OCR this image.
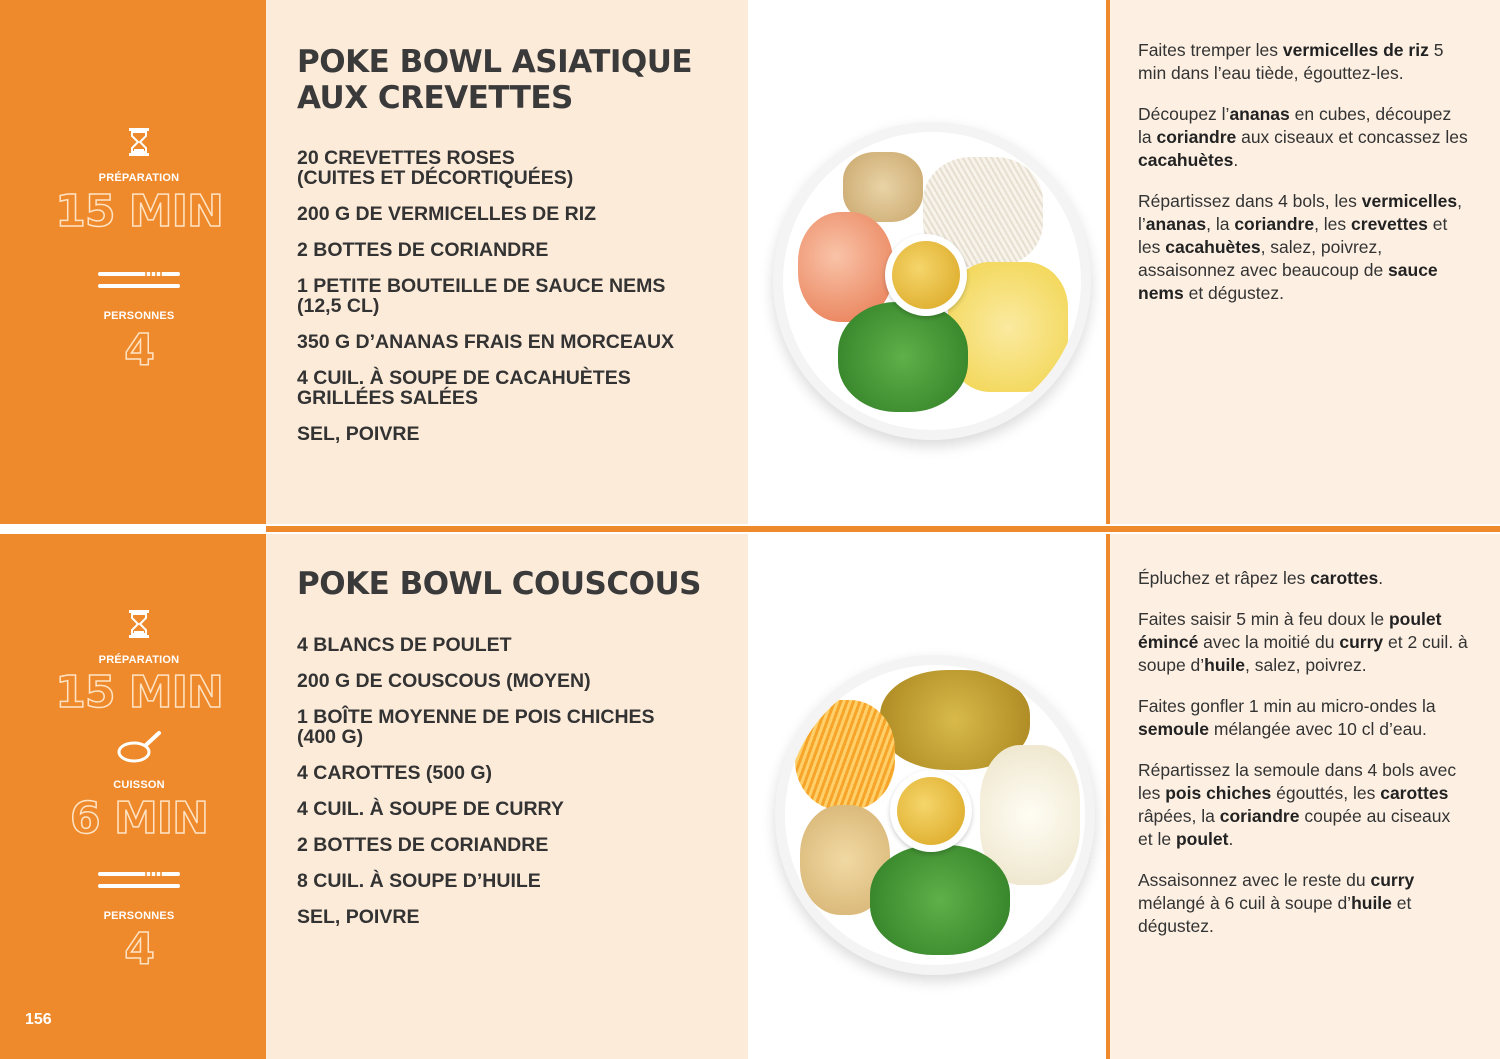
PRÉPARATION
15 MIN
PERSONNES
4
POKE BOWL ASIATIQUE
AUX CREVETTES
20 CREVETTES ROSES
(CUITES ET DÉCORTIQUÉES)
200 G DE VERMICELLES DE RIZ
2 BOTTES DE CORIANDRE
1 PETITE BOUTEILLE DE SAUCE NEMS
(12,5 CL)
350 G D’ANANAS FRAIS EN MORCEAUX
4 CUIL. À SOUPE DE CACAHUÈTES
GRILLÉES SALÉES
SEL, POIVRE

Faites tremper les vermicelles de riz 5 min dans l’eau tiède, égouttez-les.

Découpez l’ananas en cubes, découpez la coriandre aux ciseaux et concassez les cacahuètes.

Répartissez dans 4 bols, les vermicelles, l’ananas, la coriandre, les crevettes et les cacahuètes, salez, poivrez, assaisonnez avec beaucoup de sauce nems et dégustez.

PRÉPARATION
15 MIN
CUISSON
6 MIN
PERSONNES
4
156
POKE BOWL COUSCOUS
4 BLANCS DE POULET
200 G DE COUSCOUS (MOYEN)
1 BOÎTE MOYENNE DE POIS CHICHES
(400 G)
4 CAROTTES (500 G)
4 CUIL. À SOUPE DE CURRY
2 BOTTES DE CORIANDRE
8 CUIL. À SOUPE D’HUILE
SEL, POIVRE

Épluchez et râpez les carottes.

Faites saisir 5 min à feu doux le poulet émincé avec la moitié du curry et 2 cuil. à soupe d’huile, salez, poivrez.

Faites gonfler 1 min au micro-ondes la semoule mélangée avec 10 cl d’eau.

Répartissez la semoule dans 4 bols avec les pois chiches égouttés, les carottes râpées, la coriandre coupée au ciseaux et le poulet.

Assaisonnez avec le reste du curry mélangé à 6 cuil à soupe d’huile et dégustez.
